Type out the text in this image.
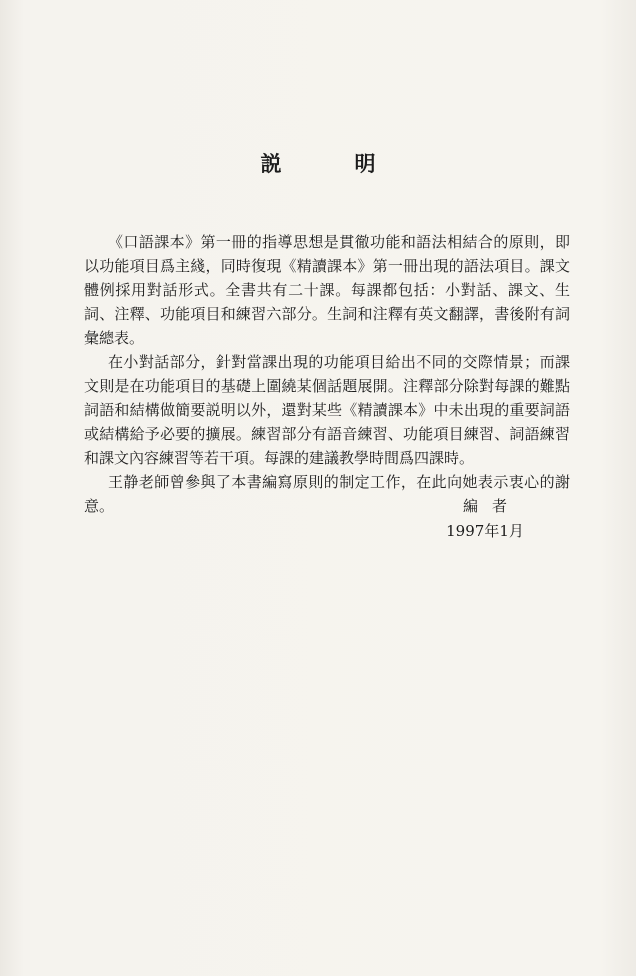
説　明

《口語課本》第一冊的指導思想是貫徹功能和語法相結合的原則，即以功能項目爲主綫，同時復現《精讀課本》第一冊出現的語法項目。課文體例採用對話形式。全書共有二十課。每課都包括：小對話、課文、生詞、注釋、功能項目和練習六部分。生詞和注釋有英文翻譯，書後附有詞彙總表。

在小對話部分，針對當課出現的功能項目給出不同的交際情景；而課文則是在功能項目的基礎上圍繞某個話題展開。注釋部分除對每課的難點詞語和結構做簡要説明以外，還對某些《精讀課本》中未出現的重要詞語或結構給予必要的擴展。練習部分有語音練習、功能項目練習、詞語練習和課文內容練習等若干項。每課的建議教學時間爲四課時。

王静老師曾參與了本書編寫原則的制定工作，在此向她表示衷心的謝意。	編者
1997年1月
